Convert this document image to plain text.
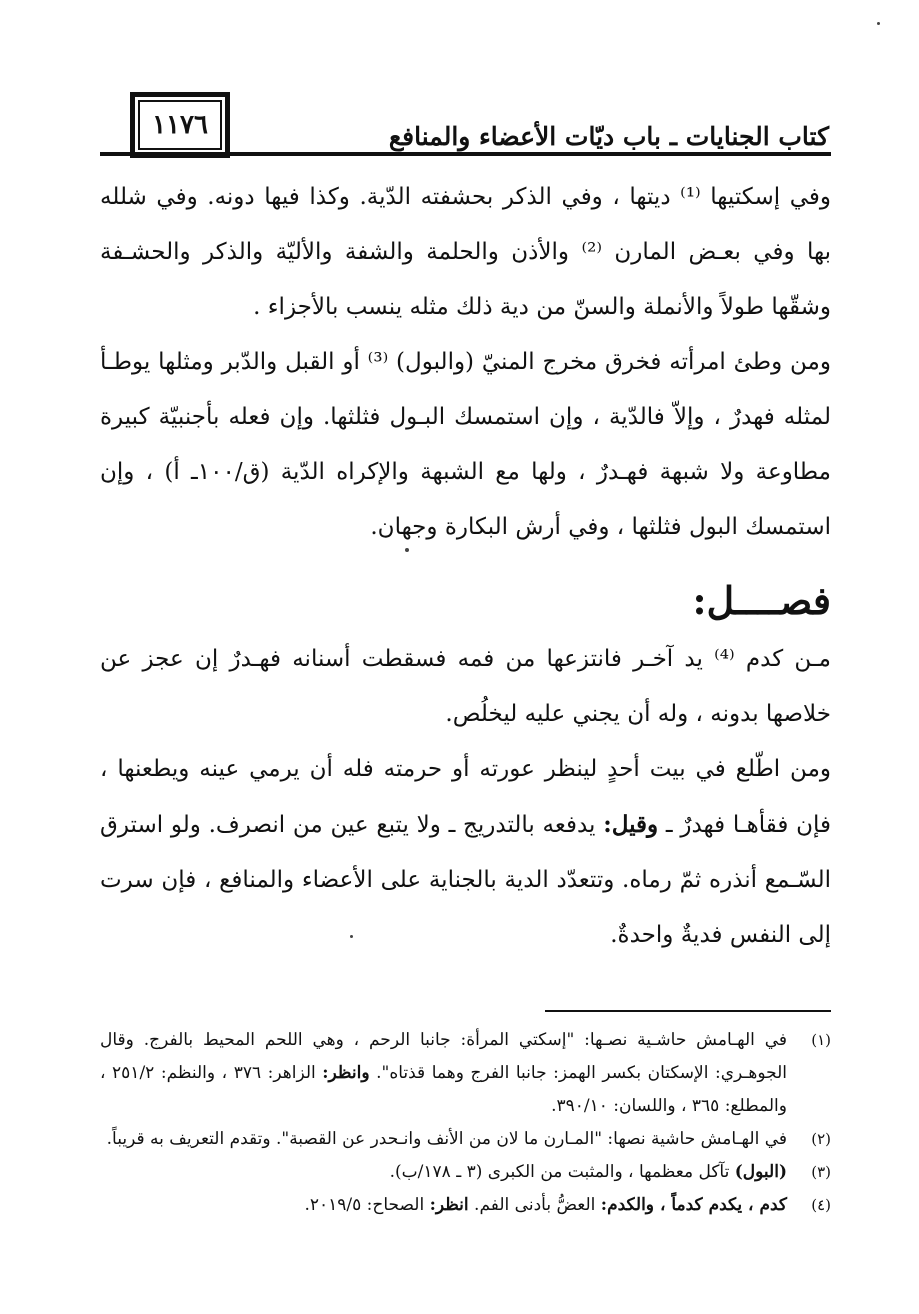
١١٧٦	كتاب الجنايات ـ باب ديّات الأعضاء والمنافع

وفي إسكتيها ⁽¹⁾ ديتها ، وفي الذكر بحشفته الدّية. وكذا فيها دونه. وفي شلله بها وفي بعـض المارن ⁽²⁾ والأذن والحلمة والشفة والأليّة والذكر والحشـفة وشقّها طولاً والأنملة والسنّ من دية ذلك مثله ينسب بالأجزاء .

ومن وطئ امرأته فخرق مخرج المنيّ (والبول) ⁽³⁾ أو القبل والدّبر ومثلها يوطـأ لمثله فهدرٌ ، وإلاّ فالدّية ، وإن استمسك البـول فثلثها. وإن فعله بأجنبيّة كبيرة مطاوعة ولا شبهة فهـدرٌ ، ولها مع الشبهة والإكراه الدّية (ق/١٠٠ـ أ) ، وإن استمسك البول فثلثها ، وفي أرش البكارة وجهان.

فصــــل:

مـن كدم ⁽⁴⁾ يد آخـر فانتزعها من فمه فسقطت أسنانه فهـدرٌ إن عجز عن خلاصها بدونه ، وله أن يجني عليه ليخلُص.

ومن اطّلع في بيت أحدٍ لينظر عورته أو حرمته فله أن يرمي عينه ويطعنها ، فإن فقأهـا فهدرٌ ـ وقيل: يدفعه بالتدريج ـ ولا يتبع عين من انصرف. ولو استرق السّـمع أنذره ثمّ رماه. وتتعدّد الدية بالجناية على الأعضاء والمنافع ، فإن سرت إلى النفس فديةٌ واحدةٌ.

(١)
في الهـامش حاشـية نصـها: "إسكتي المرأة: جانبا الرحم ، وهي اللحم المحيط بالفرج. وقال الجوهـري: الإسكتان بكسر الهمز: جانبا الفرج وهما قذتاه". وانظر: الزاهر: ٣٧٦ ، والنظم: ٢٥١/٢ ، والمطلع: ٣٦٥ ، واللسان: ٣٩٠/١٠.
(٢)
في الهـامش حاشية نصها: "المـارن ما لان من الأنف وانـحدر عن القصبة". وتقدم التعريف به قريباً.
(٣)
(البول) تآكل معظمها ، والمثبت من الكبرى (٣ ـ ١٧٨/ب).
(٤)
كدم ، يكدم كدماً ، والكدم: العضُّ بأدنى الفم. انظر: الصحاح: ٢٠١٩/٥.
